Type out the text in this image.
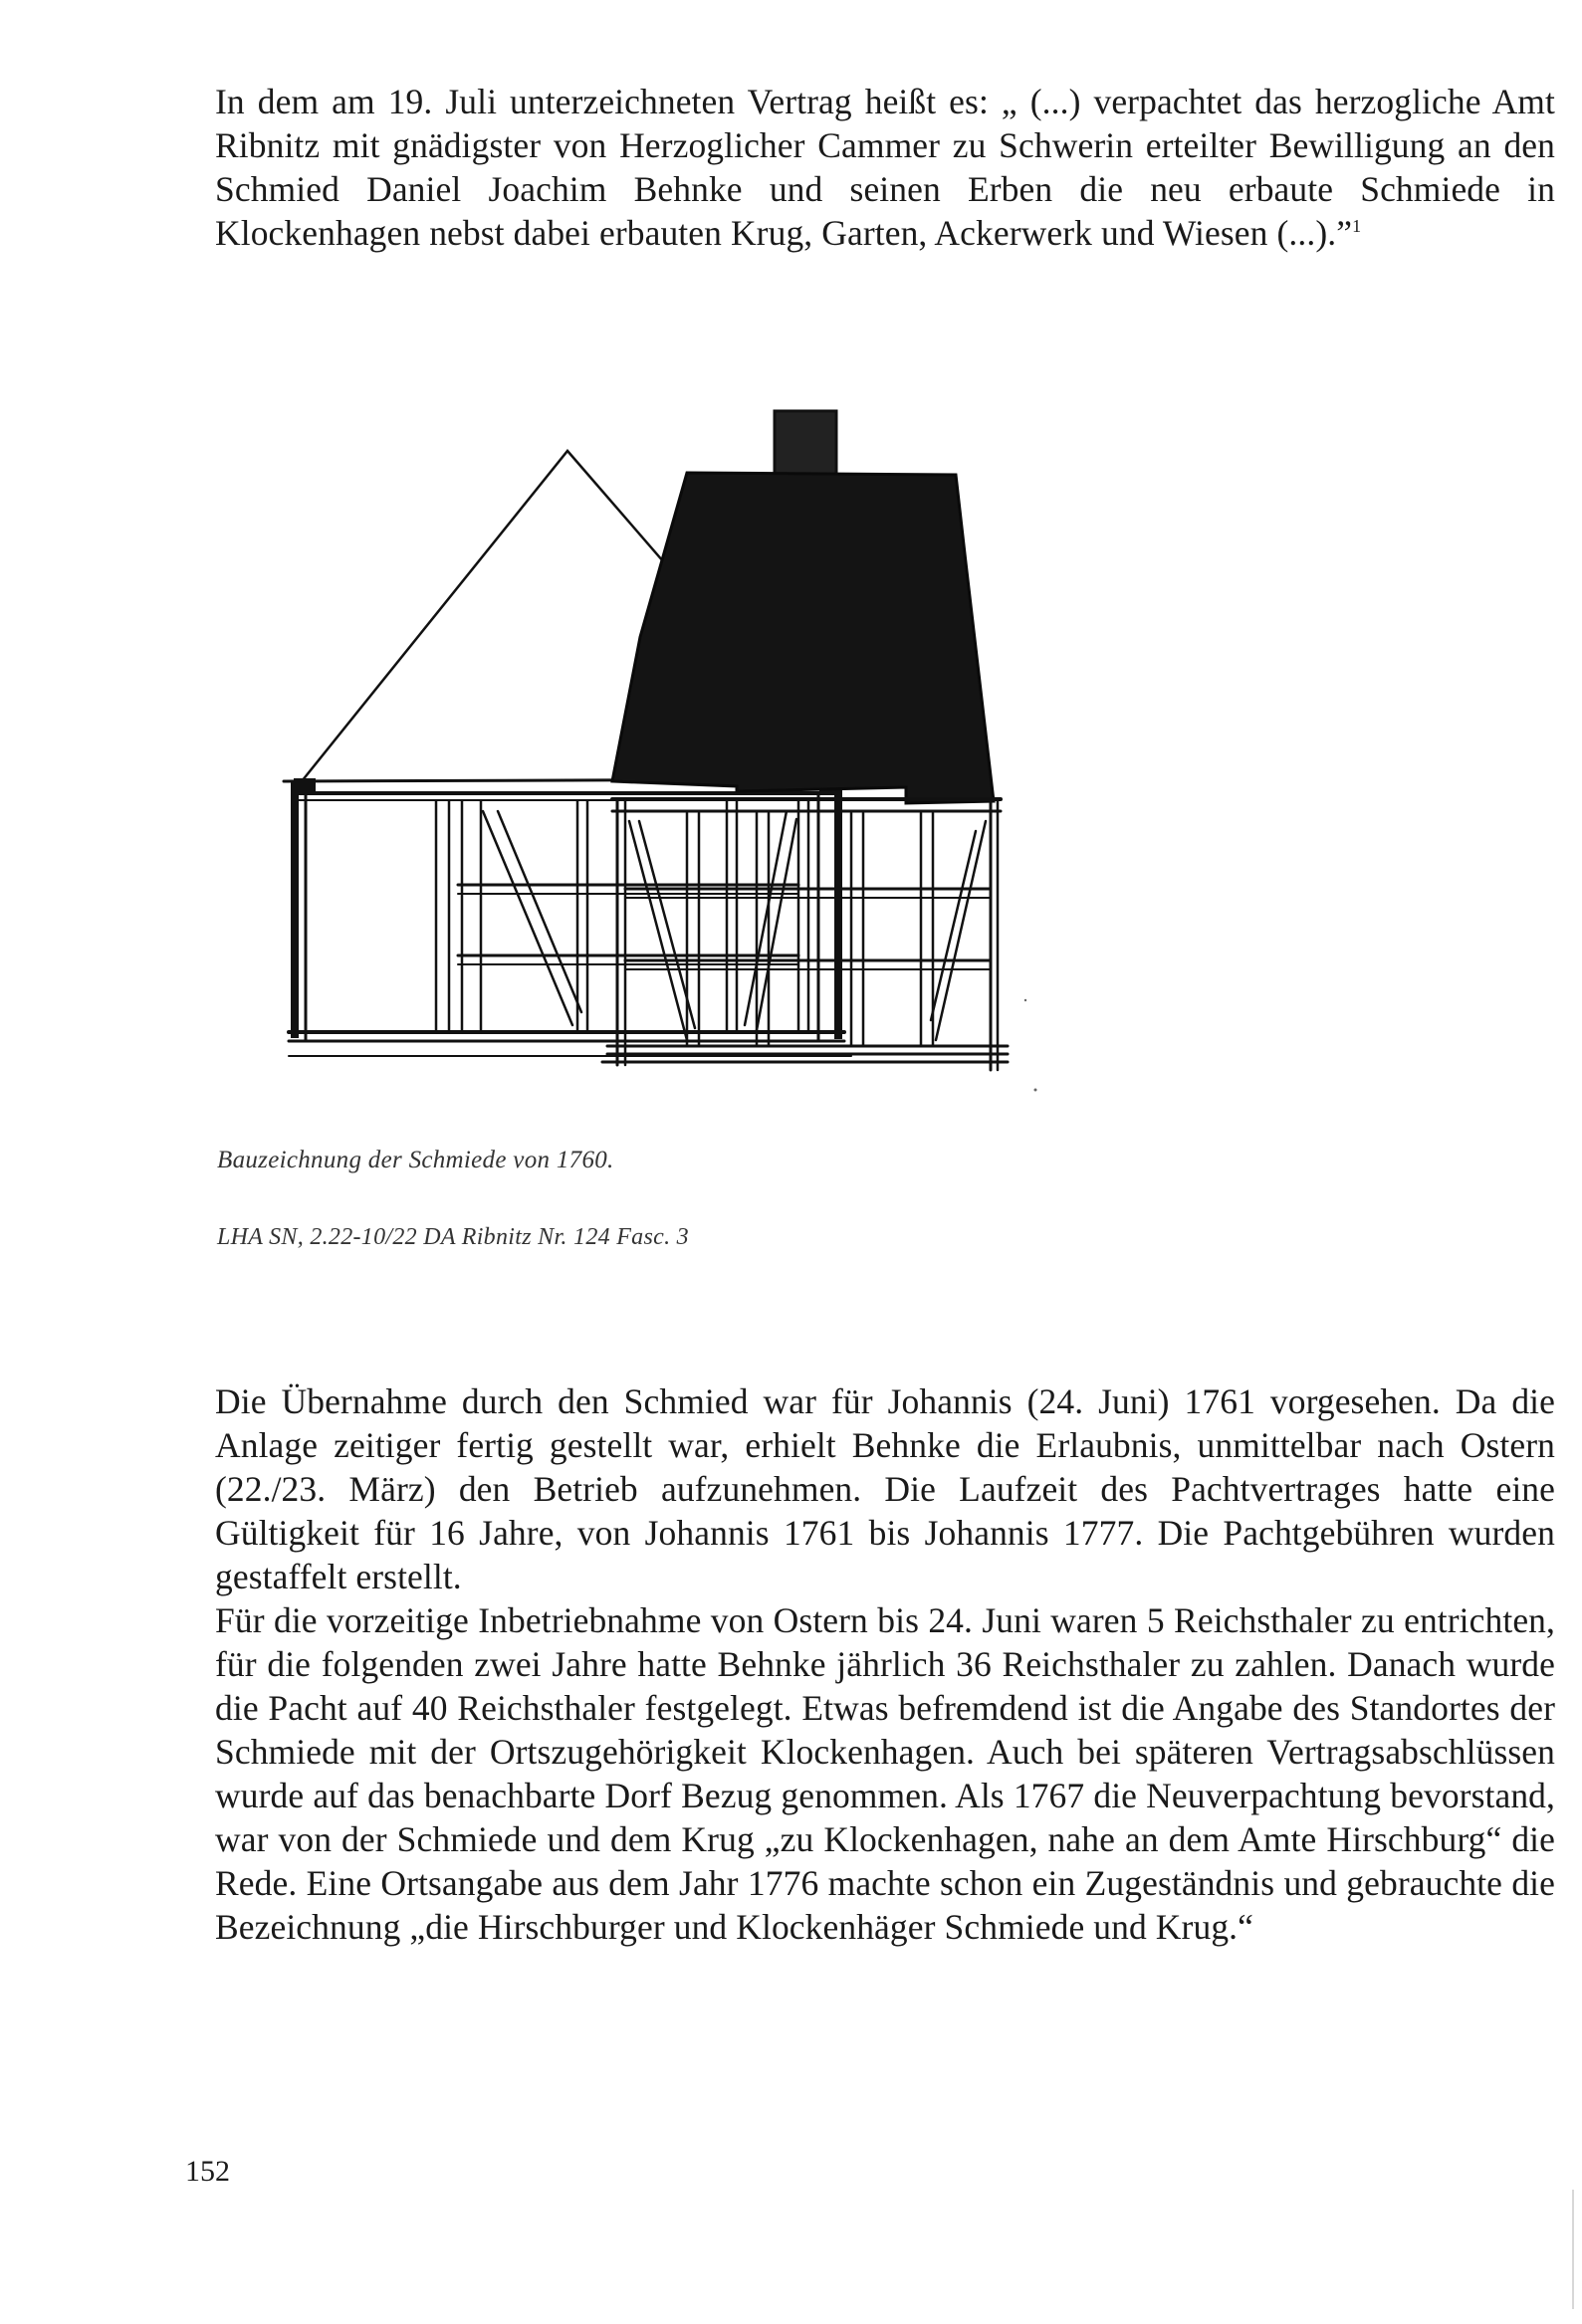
In dem am 19. Juli unterzeichneten Vertrag heißt es: „ (...) verpachtet das herzogliche Amt Ribnitz mit gnädigster von Herzoglicher Cammer zu Schwerin erteilter Bewilligung an den Schmied Daniel Joachim Behnke und seinen Erben die neu erbaute Schmiede in Klockenhagen nebst dabei erbauten Krug, Garten, Ackerwerk und Wiesen (...).”$^1$
Bauzeichnung der Schmiede von 1760.
LHA SN, 2.22-10/22 DA Ribnitz Nr. 124 Fasc. 3
Die Übernahme durch den Schmied war für Johannis (24. Juni) 1761 vorgesehen. Da die Anlage zeitiger fertig gestellt war, erhielt Behnke die Erlaubnis, unmittelbar nach Ostern (22./23. März) den Betrieb aufzunehmen. Die Laufzeit des Pachtvertrages hatte eine Gültigkeit für 16 Jahre, von Johannis 1761 bis Johannis 1777. Die Pachtgebühren wurden gestaffelt erstellt.
Für die vorzeitige Inbetriebnahme von Ostern bis 24. Juni waren 5 Reichsthaler zu entrichten, für die folgenden zwei Jahre hatte Behnke jährlich 36 Reichsthaler zu zahlen. Danach wurde die Pacht auf 40 Reichsthaler festgelegt. Etwas befremdend ist die Angabe des Standortes der Schmiede mit der Ortszugehörigkeit Klockenhagen. Auch bei späteren Vertragsabschlüssen wurde auf das benachbarte Dorf Bezug genommen. Als 1767 die Neuverpachtung bevorstand, war von der Schmiede und dem Krug „zu Klockenhagen, nahe an dem Amte Hirschburg“ die Rede. Eine Ortsangabe aus dem Jahr 1776 machte schon ein Zugeständnis und gebrauchte die Bezeichnung „die Hirschburger und Klockenhäger Schmiede und Krug.“
152
